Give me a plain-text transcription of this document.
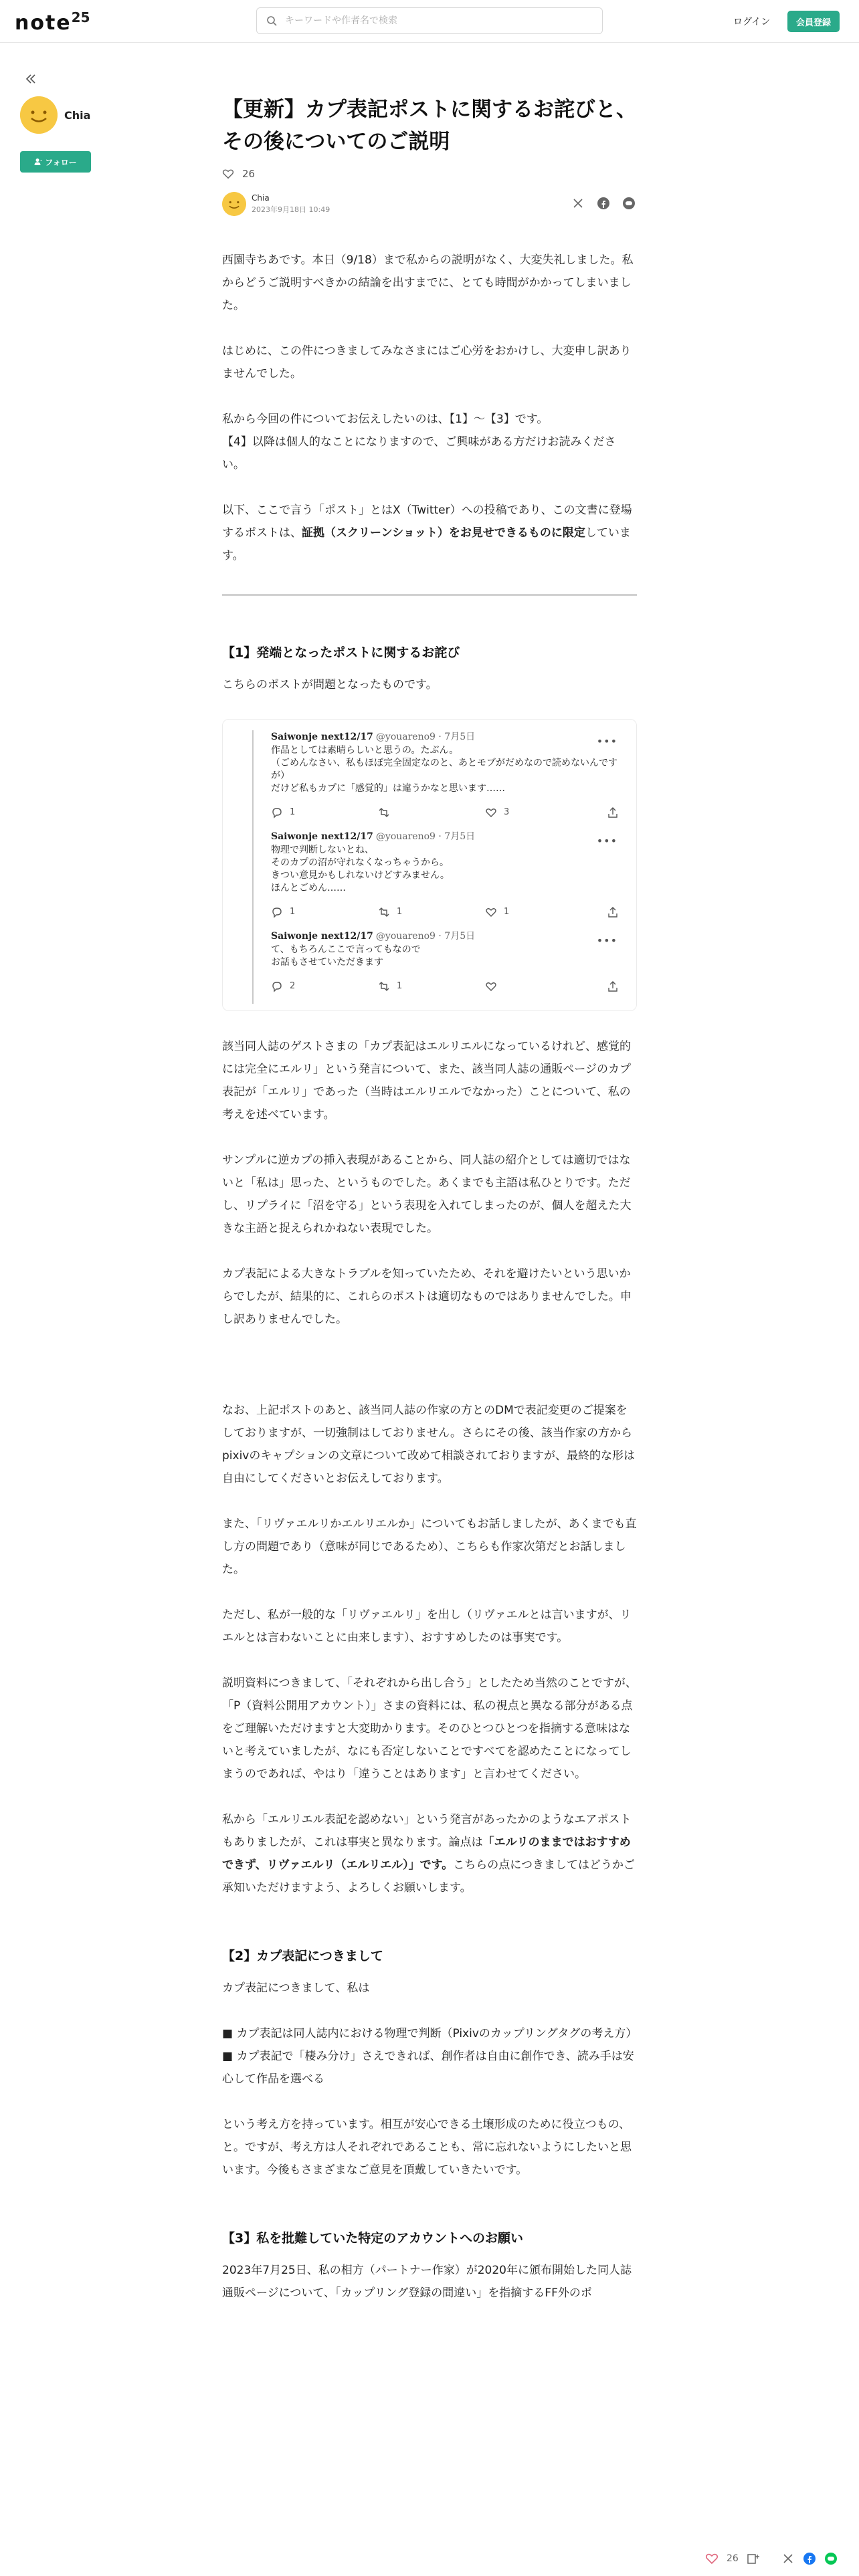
note$^{25}$
キーワードや作者名で検索	ログイン	会員登録
Chia
フォロー
【更新】カプ表記ポストに関するお詫びと、その後についてのご説明
26
Chia
2023年9月18日 10:49

西園寺ちあです。本日（9/18）まで私からの説明がなく、大変失礼しました。私からどうご説明すべきかの結論を出すまでに、とても時間がかかってしまいました。

はじめに、この件につきましてみなさまにはご心労をおかけし、大変申し訳ありませんでした。

私から今回の件についてお伝えしたいのは、【1】〜【3】です。

【4】以降は個人的なことになりますので、ご興味がある方だけお読みください。

以下、ここで言う「ポスト」とはX（Twitter）への投稿であり、この文書に登場するポストは、証拠（スクリーンショット）をお見せできるものに限定しています。

【1】発端となったポストに関するお詫び

こちらのポストが問題となったものです。

Saiwonje next12/17 @youareno9 · 7月5日	•••
作品としては素晴らしいと思うの。たぶん。
（ごめんなさい、私もほぼ完全固定なのと、あとモブがだめなので読めないんですが）
だけど私もカプに「感覚的」は違うかなと思います……
1	3
Saiwonje next12/17 @youareno9 · 7月5日	•••
物理で判断しないとね、
そのカプの沼が守れなくなっちゃうから。
きつい意見かもしれないけどすみません。
ほんとごめん……
1	1	1
Saiwonje next12/17 @youareno9 · 7月5日	•••
て、もちろんここで言ってもなので
お話もさせていただきます
2	1

該当同人誌のゲストさまの「カプ表記はエルリエルになっているけれど、感覚的には完全にエルリ」という発言について、また、該当同人誌の通販ページのカプ表記が「エルリ」であった（当時はエルリエルでなかった）ことについて、私の考えを述べています。

サンプルに逆カプの挿入表現があることから、同人誌の紹介としては適切ではないと「私は」思った、というものでした。あくまでも主語は私ひとりです。ただし、リプライに「沼を守る」という表現を入れてしまったのが、個人を超えた大きな主語と捉えられかねない表現でした。

カプ表記による大きなトラブルを知っていたため、それを避けたいという思いからでしたが、結果的に、これらのポストは適切なものではありませんでした。申し訳ありませんでした。

なお、上記ポストのあと、該当同人誌の作家の方とのDMで表記変更のご提案をしておりますが、一切強制はしておりません。さらにその後、該当作家の方からpixivのキャプションの文章について改めて相談されておりますが、最終的な形は自由にしてくださいとお伝えしております。

また、「リヴァエルリかエルリエルか」についてもお話しましたが、あくまでも直し方の問題であり（意味が同じであるため）、こちらも作家次第だとお話しました。

ただし、私が一般的な「リヴァエルリ」を出し（リヴァエルとは言いますが、リエルとは言わないことに由来します）、おすすめしたのは事実です。

説明資料につきまして、「それぞれから出し合う」としたため当然のことですが、「P（資料公開用アカウント）」さまの資料には、私の視点と異なる部分がある点をご理解いただけますと大変助かります。そのひとつひとつを指摘する意味はないと考えていましたが、なにも否定しないことですべてを認めたことになってしまうのであれば、やはり「違うことはあります」と言わせてください。

私から「エルリエル表記を認めない」という発言があったかのようなエアポストもありましたが、これは事実と異なります。論点は「エルリのままではおすすめできず、リヴァエルリ（エルリエル）」です。こちらの点につきましてはどうかご承知いただけますよう、よろしくお願いします。

【2】カプ表記につきまして

カプ表記につきまして、私は

■ カプ表記は同人誌内における物理で判断（Pixivのカップリングタグの考え方）

■ カプ表記で「棲み分け」さえできれば、創作者は自由に創作でき、読み手は安心して作品を選べる

という考え方を持っています。相互が安心できる土壌形成のために役立つもの、と。ですが、考え方は人それぞれであることも、常に忘れないようにしたいと思います。今後もさまざまなご意見を頂戴していきたいです。

【3】私を批難していた特定のアカウントへのお願い

2023年7月25日、私の相方（パートナー作家）が2020年に頒布開始した同人誌通販ページについて、「カップリング登録の間違い」を指摘するFF外のポ

26
